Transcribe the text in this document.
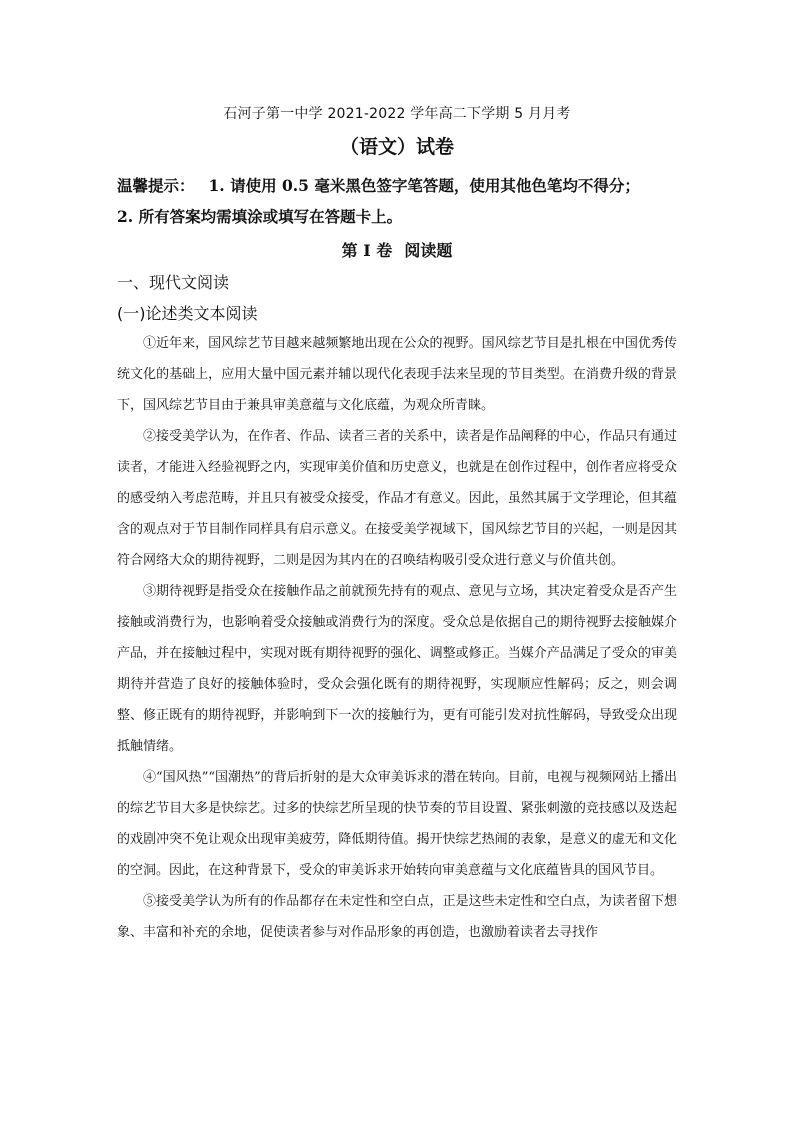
石河子第一中学 2021-2022 学年高二下学期 5 月月考
（语文）试卷
温馨提示： 1. 请使用 0.5 毫米黑色签字笔答题，使用其他色笔均不得分；
2. 所有答案均需填涂或填写在答题卡上。
第 I 卷 阅读题
一、现代文阅读
(一)论述类文本阅读

①近年来，国风综艺节目越来越频繁地出现在公众的视野。国风综艺节目是扎根在中国优秀传统文化的基础上，应用大量中国元素并辅以现代化表现手法来呈现的节目类型。在消费升级的背景下，国风综艺节目由于兼具审美意蕴与文化底蕴，为观众所青睐。

②接受美学认为，在作者、作品、读者三者的关系中，读者是作品阐释的中心，作品只有通过读者，才能进入经验视野之内，实现审美价值和历史意义，也就是在创作过程中，创作者应将受众的感受纳入考虑范畴，并且只有被受众接受，作品才有意义。因此，虽然其属于文学理论，但其蕴含的观点对于节目制作同样具有启示意义。在接受美学视域下，国风综艺节目的兴起，一则是因其符合网络大众的期待视野，二则是因为其内在的召唤结构吸引受众进行意义与价值共创。

③期待视野是指受众在接触作品之前就预先持有的观点、意见与立场，其决定着受众是否产生接触或消费行为，也影响着受众接触或消费行为的深度。受众总是依据自己的期待视野去接触媒介产品，并在接触过程中，实现对既有期待视野的强化、调整或修正。当媒介产品满足了受众的审美期待并营造了良好的接触体验时，受众会强化既有的期待视野，实现顺应性解码；反之，则会调整、修正既有的期待视野，并影响到下一次的接触行为，更有可能引发对抗性解码，导致受众出现抵触情绪。

④“国风热”“国潮热”的背后折射的是大众审美诉求的潜在转向。目前，电视与视频网站上播出的综艺节目大多是快综艺。过多的快综艺所呈现的快节奏的节目设置、紧张刺激的竞技感以及迭起的戏剧冲突不免让观众出现审美疲劳，降低期待值。揭开快综艺热闹的表象，是意义的虚无和文化的空洞。因此，在这种背景下，受众的审美诉求开始转向审美意蕴与文化底蕴皆具的国风节目。

⑤接受美学认为所有的作品都存在未定性和空白点，正是这些未定性和空白点，为读者留下想象、丰富和补充的余地，促使读者参与对作品形象的再创造，也激励着读者去寻找作
